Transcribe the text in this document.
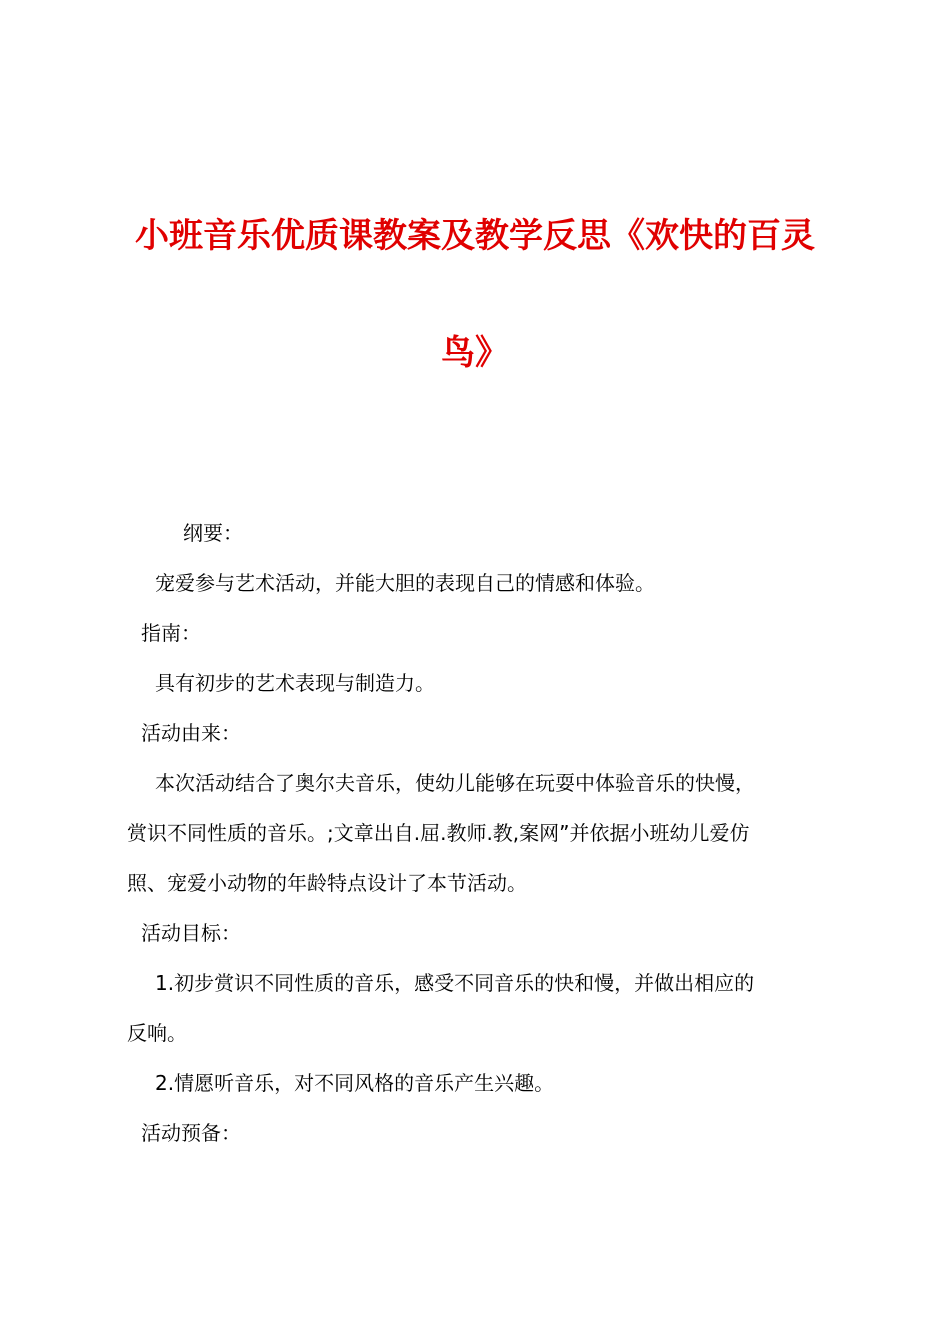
小班音乐优质课教案及教学反思《欢快的百灵
鸟》
纲要：
宠爱参与艺术活动，并能大胆的表现自己的情感和体验。
指南：
具有初步的艺术表现与制造力。
活动由来：
本次活动结合了奥尔夫音乐，使幼儿能够在玩耍中体验音乐的快慢，
赏识不同性质的音乐。;文章出自.屈.教师.教,案网”并依据小班幼儿爱仿
照、宠爱小动物的年龄特点设计了本节活动。
活动目标：
1.初步赏识不同性质的音乐，感受不同音乐的快和慢，并做出相应的
反响。
2.情愿听音乐，对不同风格的音乐产生兴趣。
活动预备：
